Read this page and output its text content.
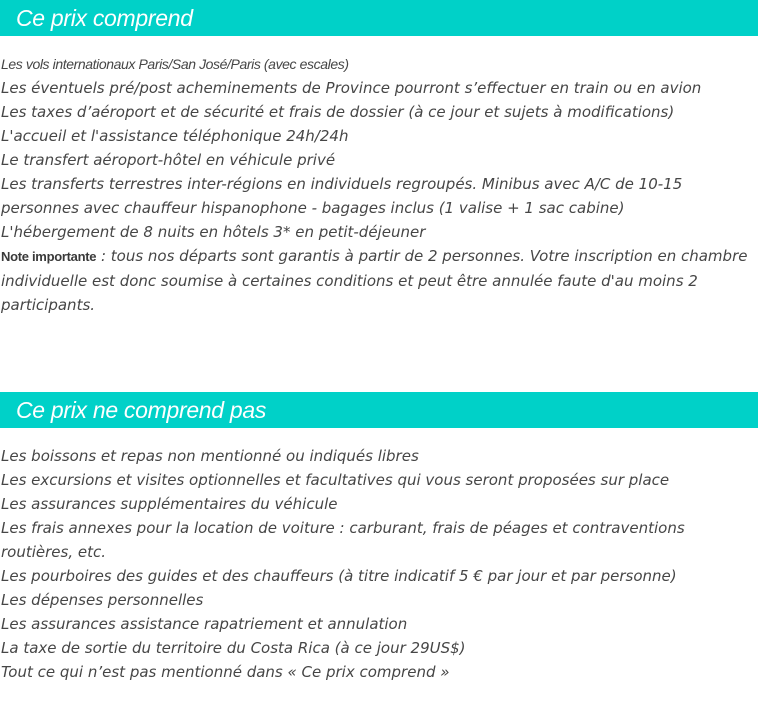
Ce prix comprend
Les vols internationaux Paris/San José/Paris (avec escales)
Les éventuels pré/post acheminements de Province pourront s’effectuer en train ou en avion
Les taxes d’aéroport et de sécurité et frais de dossier (à ce jour et sujets à modifications)
L'accueil et l'assistance téléphonique 24h/24h
Le transfert aéroport-hôtel en véhicule privé
Les transferts terrestres inter-régions en individuels regroupés. Minibus avec A/C de 10-15 personnes avec chauffeur hispanophone - bagages inclus (1 valise + 1 sac cabine)
L'hébergement de 8 nuits en hôtels 3* en petit-déjeuner
Note importante : tous nos départs sont garantis à partir de 2 personnes. Votre inscription en chambre individuelle est donc soumise à certaines conditions et peut être annulée faute d'au moins 2 participants.
Ce prix ne comprend pas
Les boissons et repas non mentionné ou indiqués libres
Les excursions et visites optionnelles et facultatives qui vous seront proposées sur place
Les assurances supplémentaires du véhicule
Les frais annexes pour la location de voiture : carburant, frais de péages et contraventions routières, etc.
Les pourboires des guides et des chauffeurs (à titre indicatif 5 € par jour et par personne)
Les dépenses personnelles
Les assurances assistance rapatriement et annulation
La taxe de sortie du territoire du Costa Rica (à ce jour 29US$)
Tout ce qui n’est pas mentionné dans « Ce prix comprend »
